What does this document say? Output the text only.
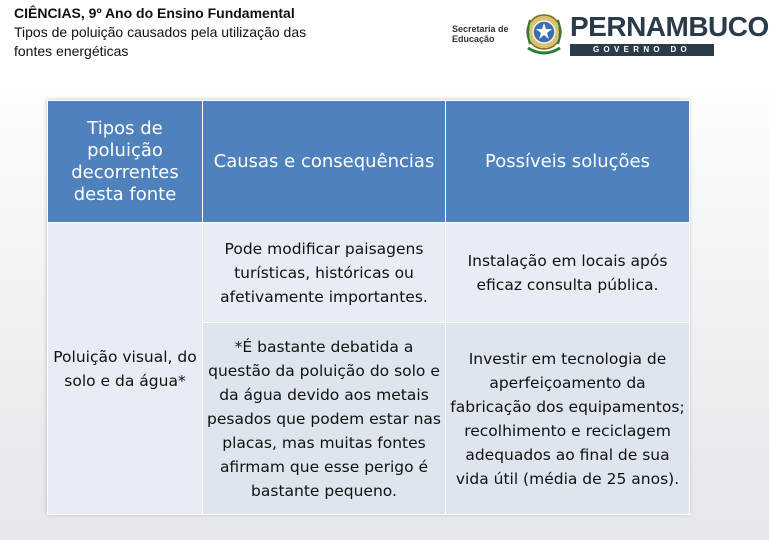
CIÊNCIAS, 9º Ano do Ensino Fundamental
Tipos de poluição causados pela utilização das
fontes energéticas
Secretaria de
Educação	PERNAMBUCO
GOVERNO DO ESTADO
Tipos de poluição decorrentes desta fonte	Causas e consequências	Possíveis soluções
Poluição visual, do solo e da água*	Pode modificar paisagens turísticas, históricas ou afetivamente importantes.	Instalação em locais após eficaz consulta pública.
	*É bastante debatida a questão da poluição do solo e da água devido aos metais pesados que podem estar nas placas, mas muitas fontes afirmam que esse perigo é bastante pequeno.	Investir em tecnologia de aperfeiçoamento da fabricação dos equipamentos; recolhimento e reciclagem adequados ao final de sua vida útil (média de 25 anos).
